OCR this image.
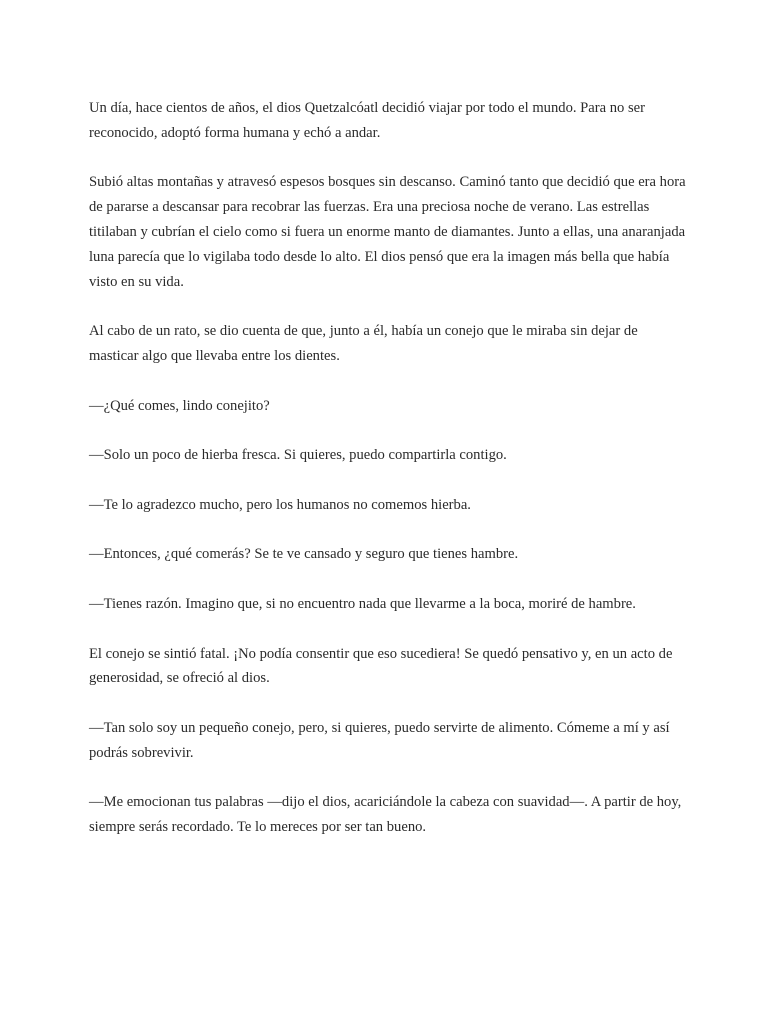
Un día, hace cientos de años, el dios Quetzalcóatl decidió viajar por todo el mundo. Para no ser reconocido, adoptó forma humana y echó a andar.

Subió altas montañas y atravesó espesos bosques sin descanso. Caminó tanto que decidió que era hora de pararse a descansar para recobrar las fuerzas. Era una preciosa noche de verano. Las estrellas titilaban y cubrían el cielo como si fuera un enorme manto de diamantes. Junto a ellas, una anaranjada luna parecía que lo vigilaba todo desde lo alto. El dios pensó que era la imagen más bella que había visto en su vida.

Al cabo de un rato, se dio cuenta de que, junto a él, había un conejo que le miraba sin dejar de masticar algo que llevaba entre los dientes.

—¿Qué comes, lindo conejito?

—Solo un poco de hierba fresca. Si quieres, puedo compartirla contigo.

—Te lo agradezco mucho, pero los humanos no comemos hierba.

—Entonces, ¿qué comerás? Se te ve cansado y seguro que tienes hambre.

—Tienes razón. Imagino que, si no encuentro nada que llevarme a la boca, moriré de hambre.

El conejo se sintió fatal. ¡No podía consentir que eso sucediera! Se quedó pensativo y, en un acto de generosidad, se ofreció al dios.

—Tan solo soy un pequeño conejo, pero, si quieres, puedo servirte de alimento. Cómeme a mí y así podrás sobrevivir.

—Me emocionan tus palabras —dijo el dios, acariciándole la cabeza con suavidad—. A partir de hoy, siempre serás recordado. Te lo mereces por ser tan bueno.
